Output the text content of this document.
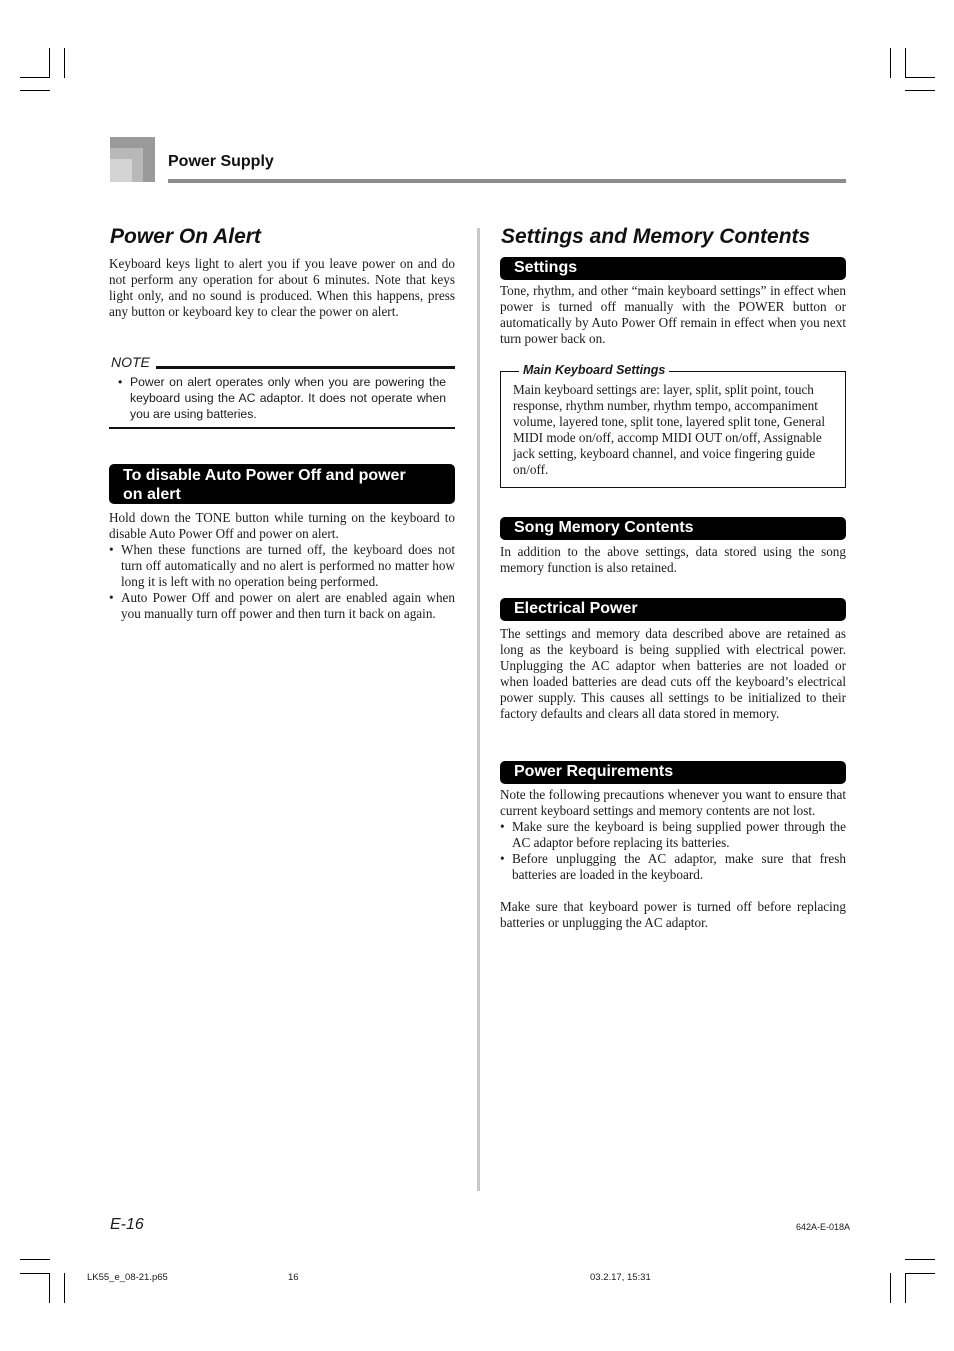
Power Supply
Power On Alert

Keyboard keys light to alert you if you leave power on and do not perform any operation for about 6 minutes. Note that keys light only, and no sound is produced. When this happens, press any button or keyboard key to clear the power on alert.

NOTE
• Power on alert operates only when you are powering the keyboard using the AC adaptor. It does not operate when you are using batteries.
To disable Auto Power Off and power
on alert
Hold down the TONE button while turning on the keyboard to disable Auto Power Off and power on alert.
• When these functions are turned off, the keyboard does not turn off automatically and no alert is performed no matter how long it is left with no operation being performed.
• Auto Power Off and power on alert are enabled again when you manually turn off power and then turn it back on again.
Settings and Memory Contents
Settings

Tone, rhythm, and other “main keyboard settings” in effect when power is turned off manually with the POWER button or automatically by Auto Power Off remain in effect when you next turn power back on.

Main Keyboard Settings
Main keyboard settings are: layer, split, split point, touch response, rhythm number, rhythm tempo, accompaniment volume, layered tone, split tone, layered split tone, General MIDI mode on/off, accomp MIDI OUT on/off, Assignable jack setting, keyboard channel, and voice fingering guide on/off.
Song Memory Contents

In addition to the above settings, data stored using the song memory function is also retained.

Electrical Power

The settings and memory data described above are retained as long as the keyboard is being supplied with electrical power. Unplugging the AC adaptor when batteries are not loaded or when loaded batteries are dead cuts off the keyboard’s electrical power supply. This causes all settings to be initialized to their factory defaults and clears all data stored in memory.

Power Requirements
Note the following precautions whenever you want to ensure that current keyboard settings and memory contents are not lost.
• Make sure the keyboard is being supplied power through the AC adaptor before replacing its batteries.
• Before unplugging the AC adaptor, make sure that fresh batteries are loaded in the keyboard.
Make sure that keyboard power is turned off before replacing batteries or unplugging the AC adaptor.
E-16	642A-E-018A
LK55_e_08-21.p65	16	03.2.17, 15:31
